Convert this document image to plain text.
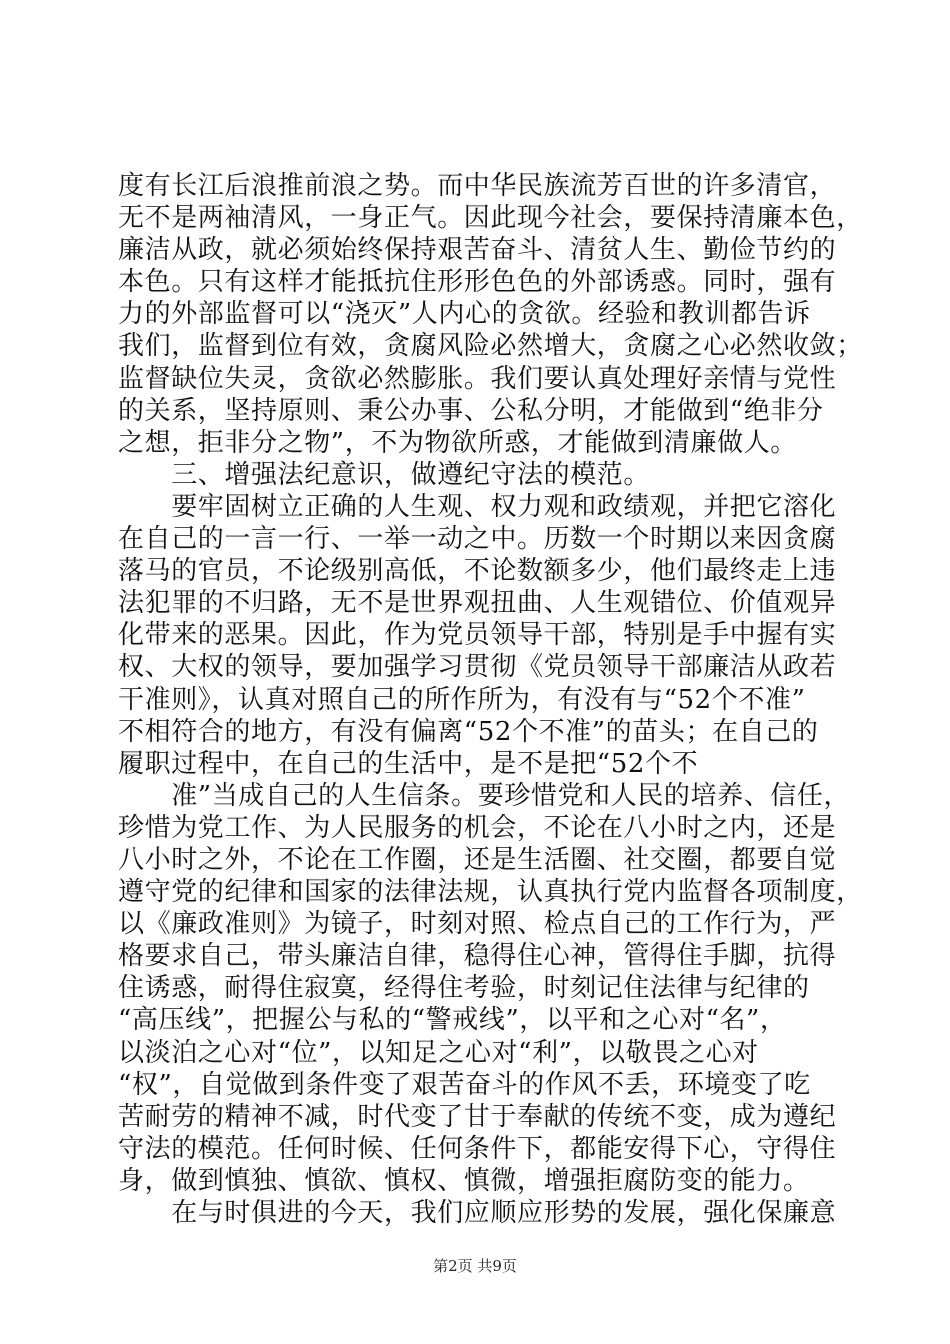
度有长江后浪推前浪之势。而中华民族流芳百世的许多清官，
无不是两袖清风，一身正气。因此现今社会，要保持清廉本色，
廉洁从政，就必须始终保持艰苦奋斗、清贫人生、勤俭节约的
本色。只有这样才能抵抗住形形色色的外部诱惑。同时，强有
力的外部监督可以“浇灭”人内心的贪欲。经验和教训都告诉
我们，监督到位有效，贪腐风险必然增大，贪腐之心必然收敛；
监督缺位失灵，贪欲必然膨胀。我们要认真处理好亲情与党性
的关系，坚持原则、秉公办事、公私分明，才能做到“绝非分
之想，拒非分之物”，不为物欲所惑，才能做到清廉做人。
　　三、增强法纪意识，做遵纪守法的模范。
　　要牢固树立正确的人生观、权力观和政绩观，并把它溶化
在自己的一言一行、一举一动之中。历数一个时期以来因贪腐
落马的官员，不论级别高低，不论数额多少，他们最终走上违
法犯罪的不归路，无不是世界观扭曲、人生观错位、价值观异
化带来的恶果。因此，作为党员领导干部，特别是手中握有实
权、大权的领导，要加强学习贯彻《党员领导干部廉洁从政若
干准则》，认真对照自己的所作所为，有没有与“52个不准”
不相符合的地方，有没有偏离“52个不准”的苗头；在自己的
履职过程中，在自己的生活中，是不是把“52个不
　　准”当成自己的人生信条。要珍惜党和人民的培养、信任，
珍惜为党工作、为人民服务的机会，不论在八小时之内，还是
八小时之外，不论在工作圈，还是生活圈、社交圈，都要自觉
遵守党的纪律和国家的法律法规，认真执行党内监督各项制度，
以《廉政准则》为镜子，时刻对照、检点自己的工作行为，严
格要求自己，带头廉洁自律，稳得住心神，管得住手脚，抗得
住诱惑，耐得住寂寞，经得住考验，时刻记住法律与纪律的
“高压线”，把握公与私的“警戒线”，以平和之心对“名”，
以淡泊之心对“位”，以知足之心对“利”，以敬畏之心对
“权”，自觉做到条件变了艰苦奋斗的作风不丢，环境变了吃
苦耐劳的精神不减，时代变了甘于奉献的传统不变，成为遵纪
守法的模范。任何时候、任何条件下，都能安得下心，守得住
身，做到慎独、慎欲、慎权、慎微，增强拒腐防变的能力。
　　在与时俱进的今天，我们应顺应形势的发展，强化保廉意
第2页 共9页
